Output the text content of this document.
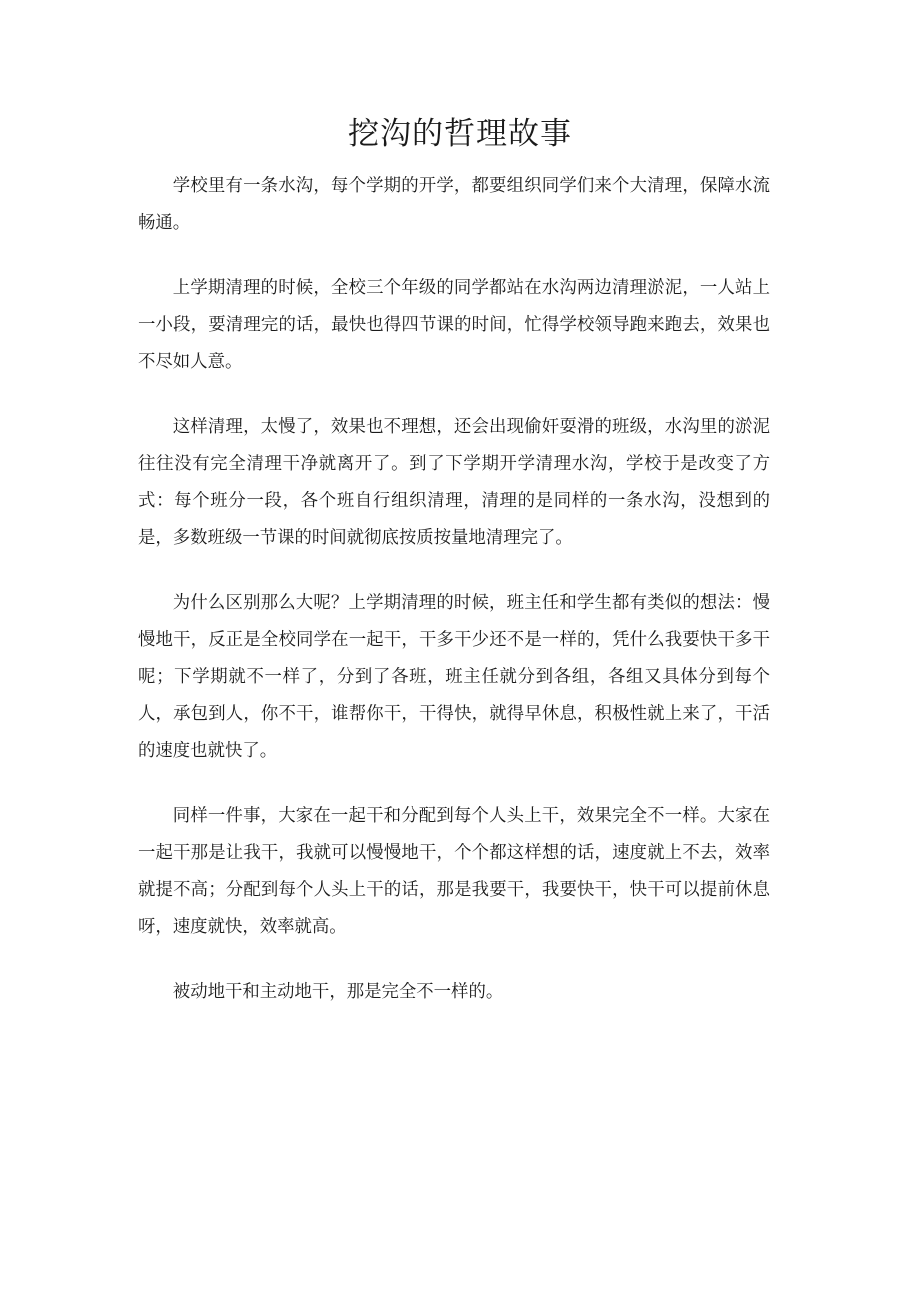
挖沟的哲理故事

学校里有一条水沟，每个学期的开学，都要组织同学们来个大清理，保障水流畅通。

上学期清理的时候，全校三个年级的同学都站在水沟两边清理淤泥，一人站上一小段，要清理完的话，最快也得四节课的时间，忙得学校领导跑来跑去，效果也不尽如人意。

这样清理，太慢了，效果也不理想，还会出现偷奸耍滑的班级，水沟里的淤泥往往没有完全清理干净就离开了。到了下学期开学清理水沟，学校于是改变了方式：每个班分一段，各个班自行组织清理，清理的是同样的一条水沟，没想到的是，多数班级一节课的时间就彻底按质按量地清理完了。

为什么区别那么大呢？上学期清理的时候，班主任和学生都有类似的想法：慢慢地干，反正是全校同学在一起干，干多干少还不是一样的，凭什么我要快干多干呢；下学期就不一样了，分到了各班，班主任就分到各组，各组又具体分到每个人，承包到人，你不干，谁帮你干，干得快，就得早休息，积极性就上来了，干活的速度也就快了。

同样一件事，大家在一起干和分配到每个人头上干，效果完全不一样。大家在一起干那是让我干，我就可以慢慢地干，个个都这样想的话，速度就上不去，效率就提不高；分配到每个人头上干的话，那是我要干，我要快干，快干可以提前休息呀，速度就快，效率就高。

被动地干和主动地干，那是完全不一样的。
